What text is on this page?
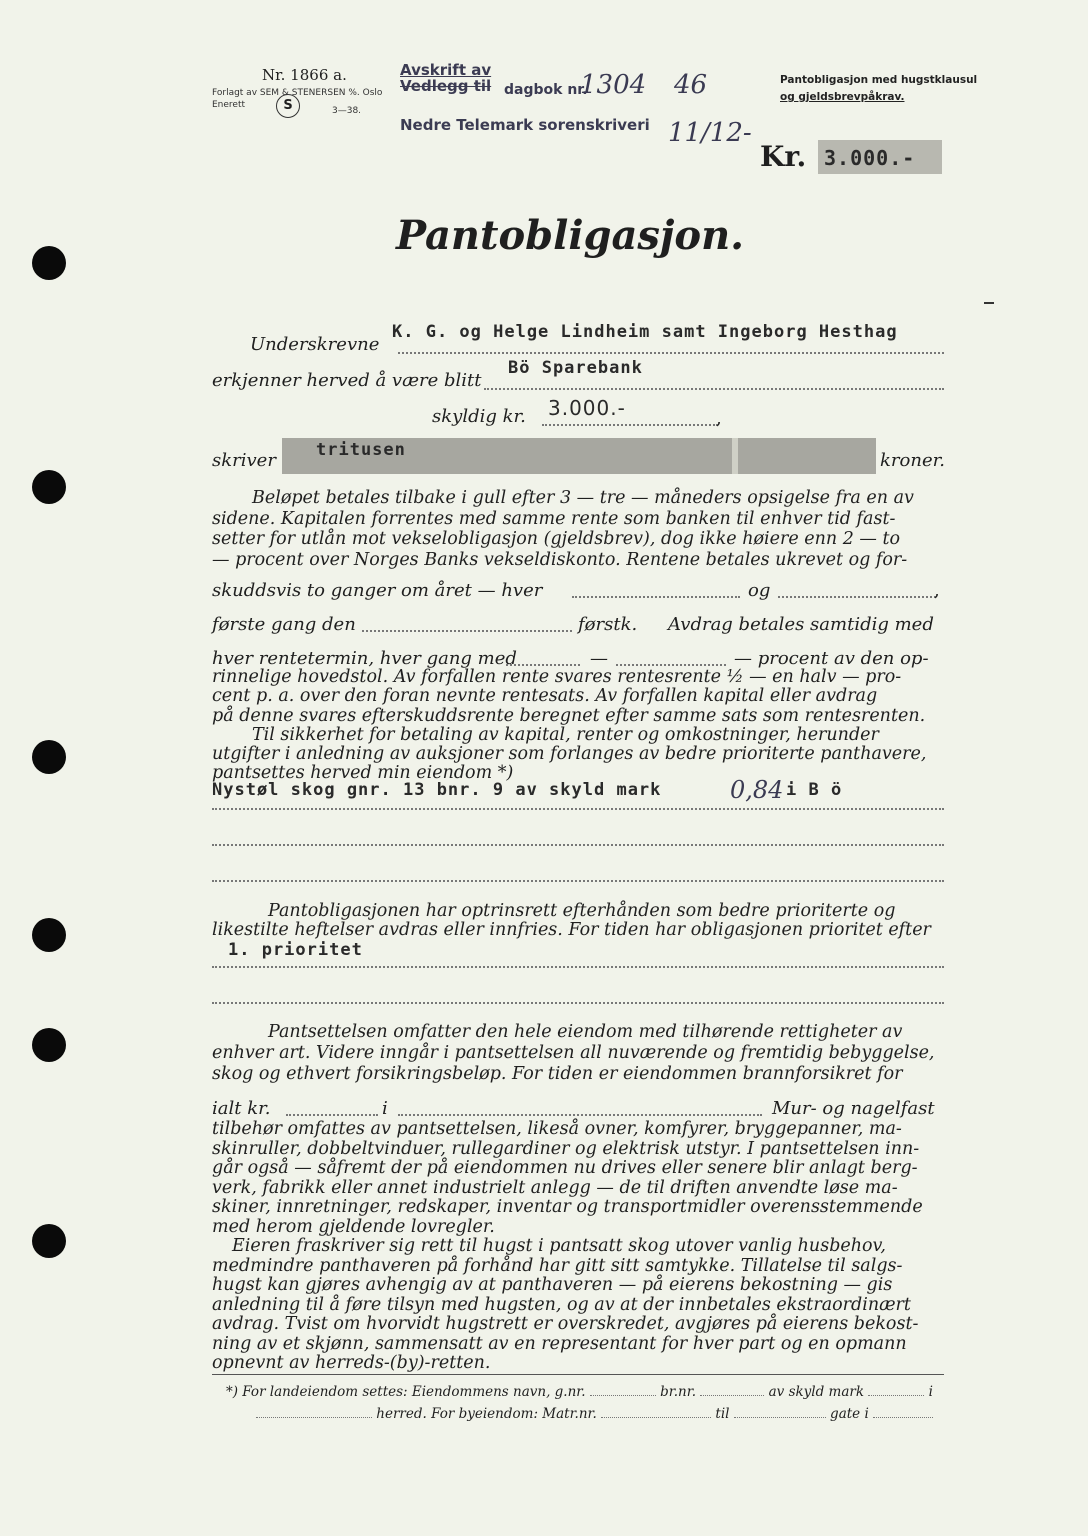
Nr. 1866 a.
Forlagt av SEM & STENERSEN %. Oslo
Enerett	S	3—38.
Avskrift av
Vedlegg til dagbok nr.
1304 46
Nedre Telemark sorenskriveri 11/12-
Pantobligasjon med hugstklausul
og gjeldsbrevpåkrav.
Kr. 3.000.-
Pantobligasjon.
Underskrevne
K. G. og Helge Lindheim samt Ingeborg Hesthag
erkjenner herved å være blitt
Bö Sparebank
skyldig kr. 3.000.-	,
skriver tritusen	kroner.
Beløpet betales tilbake i gull efter 3 — tre — måneders opsigelse fra en av
sidene. Kapitalen forrentes med samme rente som banken til enhver tid fast-
setter for utlån mot vekselobligasjon (gjeldsbrev), dog ikke høiere enn 2 — to
— procent over Norges Banks vekseldiskonto. Rentene betales ukrevet og for-
skuddsvis to ganger om året — hver	og	,
første gang den	førstk. Avdrag betales samtidig med
hver rentetermin, hver gang med	—	— procent av den op-
rinnelige hovedstol. Av forfallen rente svares rentesrente ½ — en halv — pro-
cent p. a. over den foran nevnte rentesats. Av forfallen kapital eller avdrag
på denne svares efterskuddsrente beregnet efter samme sats som rentesrenten.
Til sikkerhet for betaling av kapital, renter og omkostninger, herunder
utgifter i anledning av auksjoner som forlanges av bedre prioriterte panthavere,
pantsettes herved min eiendom *)
Nystøl skog gnr. 13 bnr. 9 av skyld mark	0,84 i B ö
Pantobligasjonen har optrinsrett efterhånden som bedre prioriterte og
likestilte heftelser avdras eller innfries. For tiden har obligasjonen prioritet efter
1. prioritet
Pantsettelsen omfatter den hele eiendom med tilhørende rettigheter av
enhver art. Videre inngår i pantsettelsen all nuværende og fremtidig bebyggelse,
skog og ethvert forsikringsbeløp. For tiden er eiendommen brannforsikret for
ialt kr.	i	Mur- og nagelfast
tilbehør omfattes av pantsettelsen, likeså ovner, komfyrer, bryggepanner, ma-
skinruller, dobbeltvinduer, rullegardiner og elektrisk utstyr. I pantsettelsen inn-
går også — såfremt der på eiendommen nu drives eller senere blir anlagt berg-
verk, fabrikk eller annet industrielt anlegg — de til driften anvendte løse ma-
skiner, innretninger, redskaper, inventar og transportmidler overensstemmende
med herom gjeldende lovregler.
Eieren fraskriver sig rett til hugst i pantsatt skog utover vanlig husbehov,
medmindre panthaveren på forhånd har gitt sitt samtykke. Tillatelse til salgs-
hugst kan gjøres avhengig av at panthaveren — på eierens bekostning — gis
anledning til å føre tilsyn med hugsten, og av at der innbetales ekstraordinært
avdrag. Tvist om hvorvidt hugstrett er overskredet, avgjøres på eierens bekost-
ning av et skjønn, sammensatt av en representant for hver part og en opmann
opnevnt av herreds-(by)-retten.
*) For landeiendom settes: Eiendommens navn, g.nr.	br.nr.	av skyld mark	i
herred. For byeiendom: Matr.nr.	til	gate i
